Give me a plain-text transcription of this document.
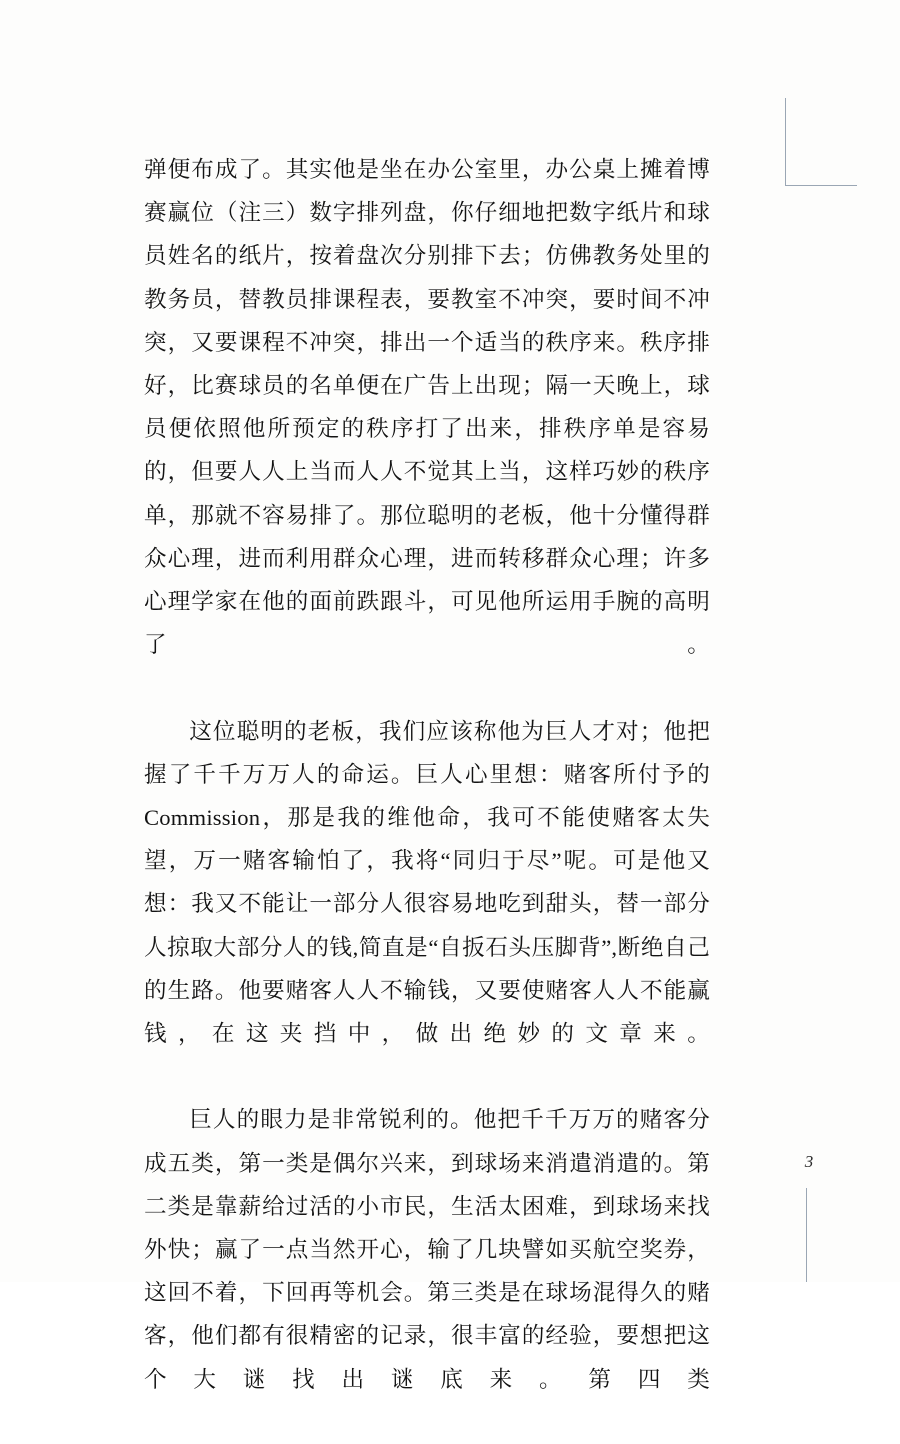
弹便布成了。其实他是坐在办公室里，办公桌上摊着博赛赢位（注三）数字排列盘，你仔细地把数字纸片和球员姓名的纸片，按着盘次分别排下去；仿佛教务处里的教务员，替教员排课程表，要教室不冲突，要时间不冲突，又要课程不冲突，排出一个适当的秩序来。秩序排好，比赛球员的名单便在广告上出现；隔一天晚上，球员便依照他所预定的秩序打了出来，排秩序单是容易的，但要人人上当而人人不觉其上当，这样巧妙的秩序单，那就不容易排了。那位聪明的老板，他十分懂得群众心理，进而利用群众心理，进而转移群众心理；许多心理学家在他的面前跌跟斗，可见他所运用手腕的高明了。

这位聪明的老板，我们应该称他为巨人才对；他把握了千千万万人的命运。巨人心里想：赌客所付予的Commission，那是我的维他命，我可不能使赌客太失望，万一赌客输怕了，我将“同归于尽”呢。可是他又想：我又不能让一部分人很容易地吃到甜头，替一部分人掠取大部分人的钱,简直是“自扳石头压脚背”,断绝自己的生路。他要赌客人人不输钱，又要使赌客人人不能赢钱，在这夹挡中，做出绝妙的文章来。

巨人的眼力是非常锐利的。他把千千万万的赌客分成五类，第一类是偶尔兴来，到球场来消遣消遣的。第二类是靠薪给过活的小市民，生活太困难，到球场来找外快；赢了一点当然开心，输了几块譬如买航空奖券，这回不着，下回再等机会。第三类是在球场混得久的赌客，他们都有很精密的记录，很丰富的经验，要想把这个大谜找出谜底来。第四类

3
